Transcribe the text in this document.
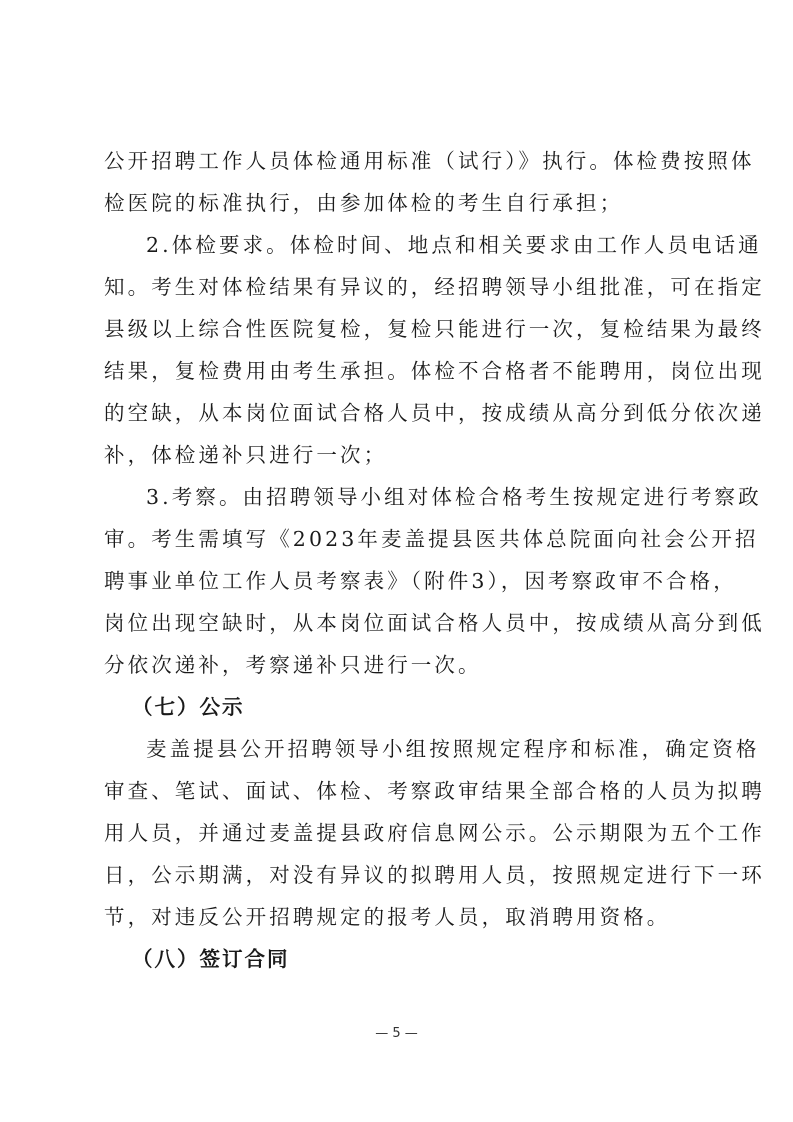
公开招聘工作人员体检通用标准（试行）》执行。体检费按照体
检医院的标准执行，由参加体检的考生自行承担；
2.体检要求。体检时间、地点和相关要求由工作人员电话通
知。考生对体检结果有异议的，经招聘领导小组批准，可在指定
县级以上综合性医院复检，复检只能进行一次，复检结果为最终
结果，复检费用由考生承担。体检不合格者不能聘用，岗位出现
的空缺，从本岗位面试合格人员中，按成绩从高分到低分依次递
补，体检递补只进行一次；
3.考察。由招聘领导小组对体检合格考生按规定进行考察政
审。考生需填写《2023年麦盖提县医共体总院面向社会公开招
聘事业单位工作人员考察表》（附件3），因考察政审不合格，
岗位出现空缺时，从本岗位面试合格人员中，按成绩从高分到低
分依次递补，考察递补只进行一次。
（七）公示
麦盖提县公开招聘领导小组按照规定程序和标准，确定资格
审查、笔试、面试、体检、考察政审结果全部合格的人员为拟聘
用人员，并通过麦盖提县政府信息网公示。公示期限为五个工作
日，公示期满，对没有异议的拟聘用人员，按照规定进行下一环
节，对违反公开招聘规定的报考人员，取消聘用资格。
（八）签订合同
— 5 —
